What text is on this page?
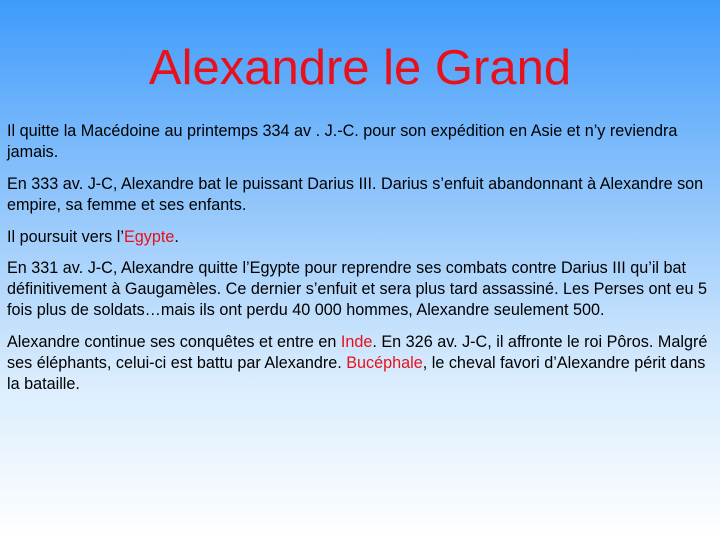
Alexandre le Grand

Il quitte la Macédoine au printemps 334 av . J.-C. pour son expédition en Asie et n’y reviendra jamais.

En 333 av. J-C, Alexandre bat le puissant Darius III. Darius s’enfuit abandonnant à Alexandre son empire, sa femme et ses enfants.

Il poursuit vers l’Egypte.

En 331 av. J-C, Alexandre quitte l’Egypte pour reprendre ses combats contre Darius III qu’il bat définitivement à Gaugamèles. Ce dernier s’enfuit et sera plus tard assassiné. Les Perses ont eu 5 fois plus de soldats…mais ils ont perdu 40 000 hommes, Alexandre seulement 500.

Alexandre continue ses conquêtes et entre en Inde. En 326 av. J-C, il affronte le roi Pôros. Malgré ses éléphants, celui-ci est battu par Alexandre. Bucéphale, le cheval favori d’Alexandre périt dans la bataille.
